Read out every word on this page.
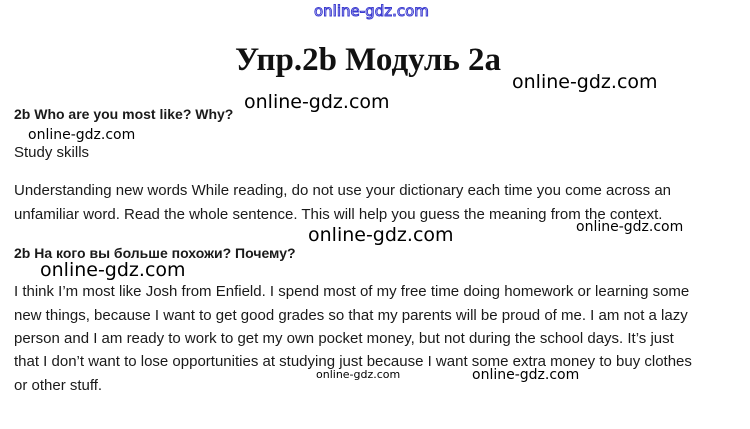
online-gdz.com
online-gdz.com
online-gdz.com
online-gdz.com
online-gdz.com	online-gdz.com
online-gdz.com
online-gdz.com	online-gdz.com
Упр.2b Модуль 2а
2b Who are you most like? Why?
Study skills
Understanding new words While reading, do not use your dictionary each time you come across an
unfamiliar word. Read the whole sentence. This will help you guess the meaning from the context.
2b На кого вы больше похожи? Почему?
I think I’m most like Josh from Enfield. I spend most of my free time doing homework or learning some
new things, because I want to get good grades so that my parents will be proud of me. I am not a lazy
person and I am ready to work to get my own pocket money, but not during the school days. It’s just
that I don’t want to lose opportunities at studying just because I want some extra money to buy clothes
or other stuff.
